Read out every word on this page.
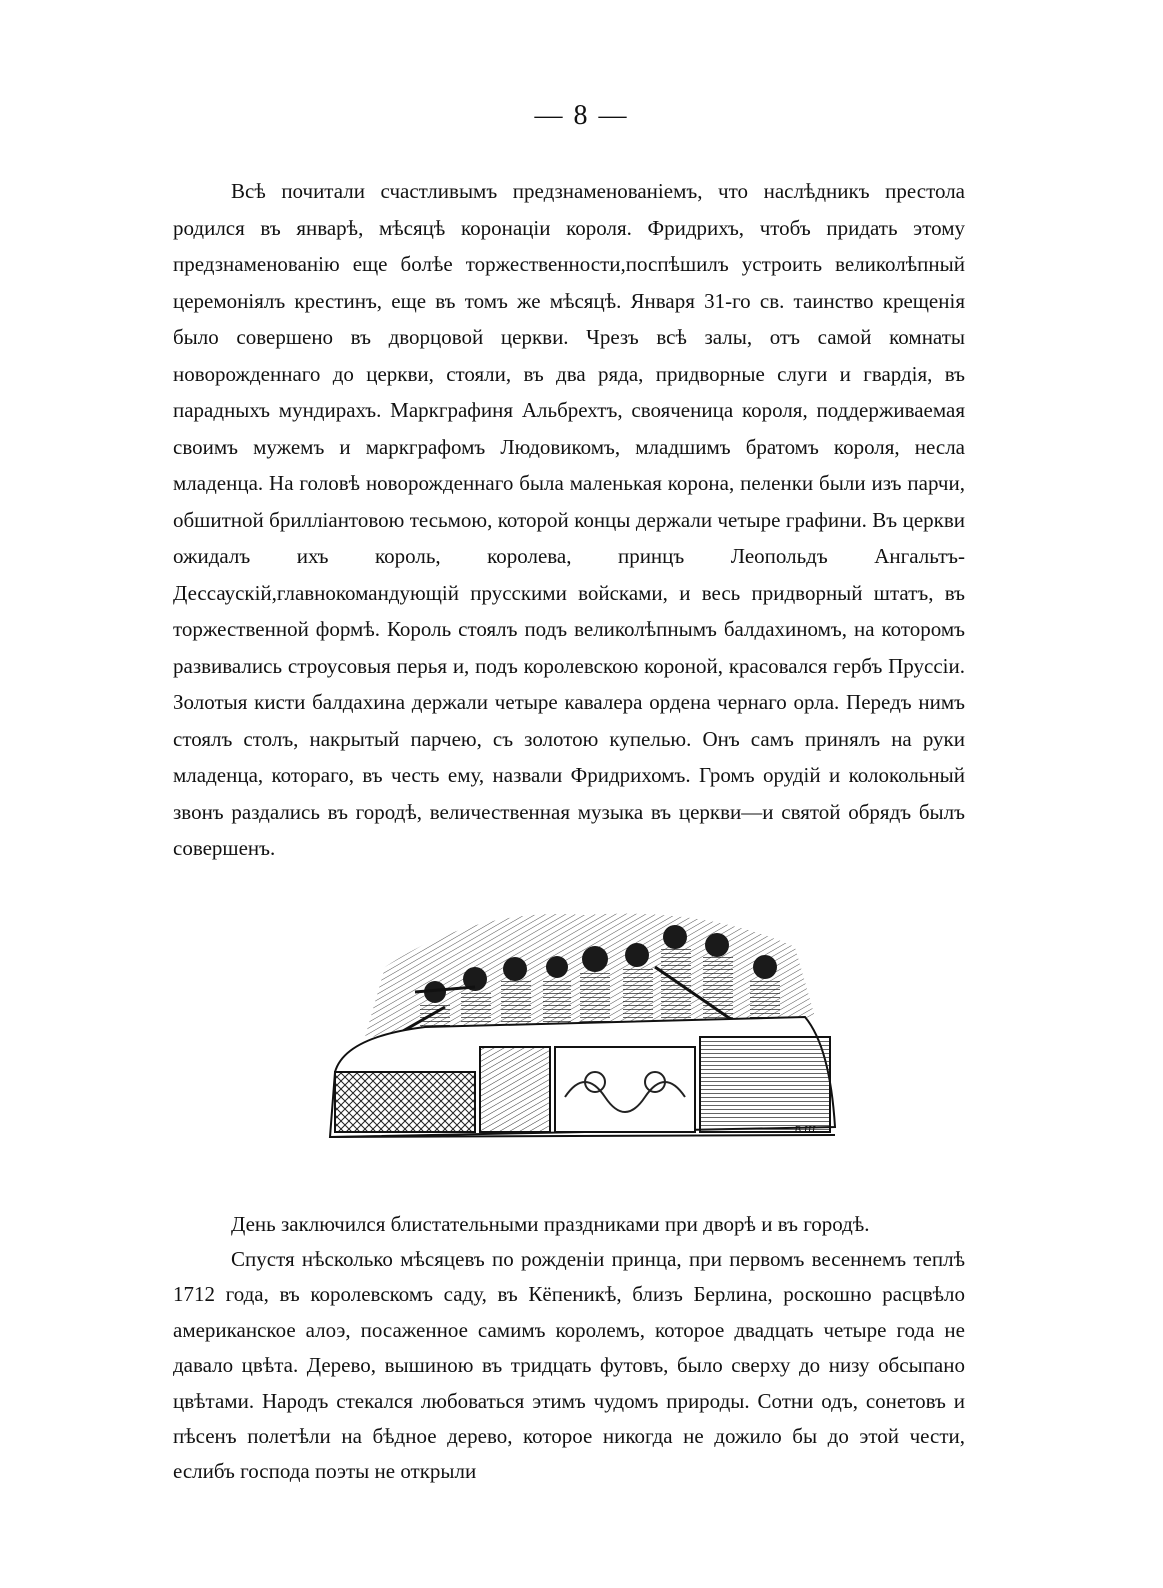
— 8 —

Всѣ почитали счастливымъ предзнаменованіемъ, что наслѣдникъ престола родился въ январѣ, мѣсяцѣ коронаціи короля. Фридрихъ, чтобъ придать этому предзнаменованію еще болѣе торжественности,поспѣшилъ устроить великолѣпный церемоніялъ крестинъ, еще въ томъ же мѣсяцѣ. Января 31-го св. таинство крещенія было совершено въ дворцовой церкви. Чрезъ всѣ залы, отъ самой комнаты новорожденнаго до церкви, стояли, въ два ряда, придворные слуги и гвардія, въ парадныхъ мундирахъ. Маркграфиня Альбрехтъ, своячeница короля, поддерживаемая своимъ мужемъ и маркграфомъ Людовикомъ, младшимъ братомъ короля, несла младенца. На головѣ новорожденнаго была маленькая корона, пеленки были изъ парчи, обшитной бриллiантовою тесьмою, которой концы держали четыре графини. Въ церкви ожидалъ ихъ король, королева, принцъ Леопольдъ Ангальтъ-Дессаускій,главнокомандующій прусскими войсками, и весь придворный штатъ, въ торжественной формѣ. Король стоялъ подъ великолѣпнымъ балдахиномъ, на которомъ развивались строусовыя перья и, подъ королевскою короной, красовался гербъ Пруссіи. Золотыя кисти балдахина держали четыре кавалера ордена чернаго орла. Передъ нимъ стоялъ столъ, накрытый парчею, съ золотою купелью. Онъ самъ принялъ на руки младенца, котораго, въ честь ему, назвали Фридрихомъ. Громъ орудій и колокольный звонъ раздались въ городѣ, величественная музыка въ церкви—и святой обрядъ былъ совершенъ.

В.Ш.

День заключился блистательными праздниками при дворѣ и въ городѣ.

Спустя нѣсколько мѣсяцевъ по рожденіи принца, при первомъ весеннемъ теплѣ 1712 года, въ королевскомъ саду, въ Кёпеникѣ, близъ Берлина, роскошно расцвѣло американское алоэ, посаженное самимъ королемъ, которое двадцать четыре года не давало цвѣта. Дерево, вышиною въ тридцать футовъ, было сверху до низу обсыпано цвѣтами. Народъ стекался любоваться этимъ чудомъ природы. Сотни одъ, сонетовъ и пѣсенъ полетѣли на бѣдное дерево, которое никогда не дожило бы до этой чести, еслибъ господа поэты не открыли
